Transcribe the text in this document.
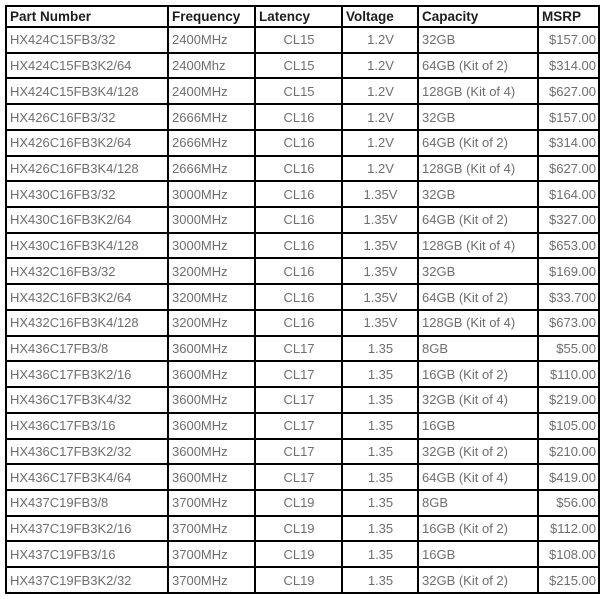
Part Number	Frequency	Latency	Voltage	Capacity	MSRP
HX424C15FB3/32	2400MHz	CL15	1.2V	32GB	$157.00
HX424C15FB3K2/64	2400Mhz	CL15	1.2V	64GB (Kit of 2)	$314.00
HX424C15FB3K4/128	2400MHz	CL15	1.2V	128GB (Kit of 4)	$627.00
HX426C16FB3/32	2666MHz	CL16	1.2V	32GB	$157.00
HX426C16FB3K2/64	2666MHz	CL16	1.2V	64GB (Kit of 2)	$314.00
HX426C16FB3K4/128	2666MHz	CL16	1.2V	128GB (Kit of 4)	$627.00
HX430C16FB3/32	3000MHz	CL16	1.35V	32GB	$164.00
HX430C16FB3K2/64	3000MHz	CL16	1.35V	64GB (Kit of 2)	$327.00
HX430C16FB3K4/128	3000MHz	CL16	1.35V	128GB (Kit of 4)	$653.00
HX432C16FB3/32	3200MHz	CL16	1.35V	32GB	$169.00
HX432C16FB3K2/64	3200MHz	CL16	1.35V	64GB (Kit of 2)	$33.700
HX432C16FB3K4/128	3200MHz	CL16	1.35V	128GB (Kit of 4)	$673.00
HX436C17FB3/8	3600MHz	CL17	1.35	8GB	$55.00
HX436C17FB3K2/16	3600MHz	CL17	1.35	16GB (Kit of 2)	$110.00
HX436C17FB3K4/32	3600MHz	CL17	1.35	32GB (Kit of 4)	$219.00
HX436C17FB3/16	3600MHz	CL17	1.35	16GB	$105.00
HX436C17FB3K2/32	3600MHz	CL17	1.35	32GB (Kit of 2)	$210.00
HX436C17FB3K4/64	3600MHz	CL17	1.35	64GB (Kit of 4)	$419.00
HX437C19FB3/8	3700MHz	CL19	1.35	8GB	$56.00
HX437C19FB3K2/16	3700MHz	CL19	1.35	16GB (Kit of 2)	$112.00
HX437C19FB3/16	3700MHz	CL19	1.35	16GB	$108.00
HX437C19FB3K2/32	3700MHz	CL19	1.35	32GB (Kit of 2)	$215.00
